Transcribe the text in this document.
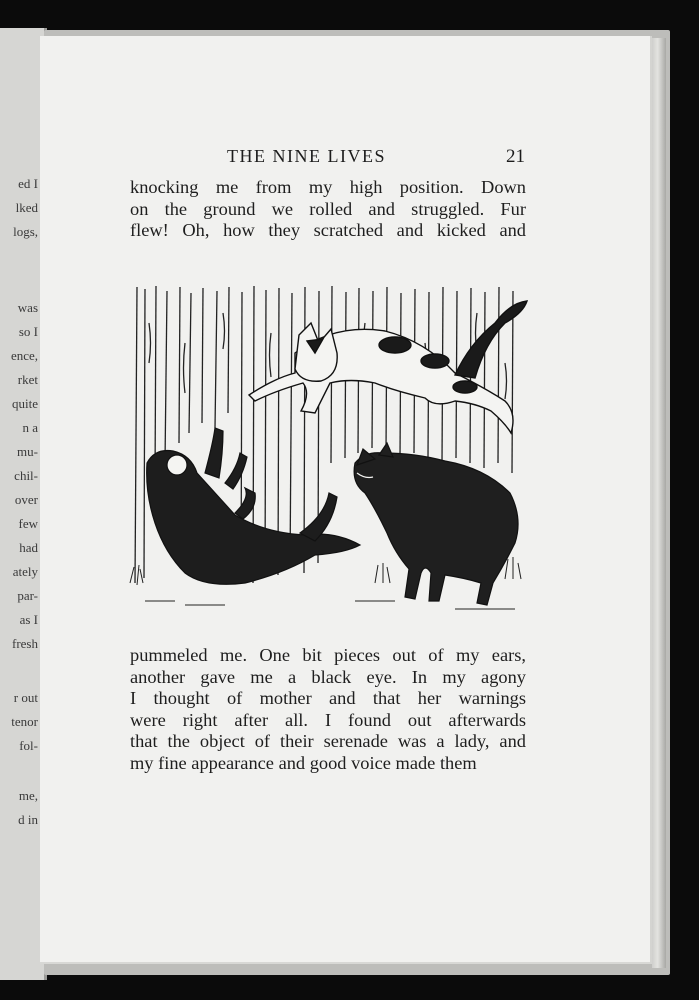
ed I
lked
logs,
was
so I
ence,
rket
quite
n a
mu-
chil-
over
few
had
ately
par-
as I
fresh
r out
tenor
fol-
me,
d in
THE NINE LIVES	21
knocking me from my high position. Down
on the ground we rolled and struggled. Fur
flew! Oh, how they scratched and kicked and
pummeled me. One bit pieces out of my ears,
another gave me a black eye. In my agony
I thought of mother and that her warnings
were right after all. I found out afterwards
that the object of their serenade was a lady, and
my fine appearance and good voice made them
